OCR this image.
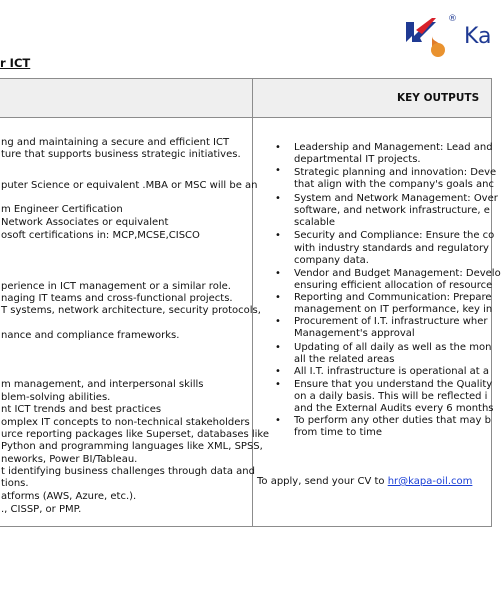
®
Ka
r ICT
KEY OUTPUTS
ng and maintaining a secure and efficient ICT
ture that supports business strategic initiatives.
puter Science or equivalent .MBA or MSC will be an
m Engineer Certification
Network Associates or equivalent
osoft certifications in: MCP,MCSE,CISCO
perience in ICT management or a similar role.
naging IT teams and cross-functional projects.
T systems, network architecture, security protocols,
nance and compliance frameworks.
m management, and interpersonal skills
blem-solving abilities.
nt ICT trends and best practices
omplex IT concepts to non-technical stakeholders
urce reporting packages like Superset, databases like
Python and programming languages like XML, SPSS,
neworks, Power BI/Tableau.
t identifying business challenges through data and
tions.
atforms (AWS, Azure, etc.).
., CISSP, or PMP.
•
•
•
•
•
•
•
•
•
•
•
Leadership and Management: Lead and
departmental IT projects.
Strategic planning and innovation: Deve
that align with the company's goals anc
System and Network Management: Over
software, and network infrastructure, e
scalable
Security and Compliance: Ensure the co
with industry standards and regulatory
company data.
Vendor and Budget Management: Develo
ensuring efficient allocation of resource
Reporting and Communication: Prepare
management on IT performance, key in
Procurement of I.T. infrastructure wher
Management's approval
Updating of all daily as well as the mon
all the related areas
All I.T. infrastructure is operational at a
Ensure that you understand the Quality
on a daily basis. This will be reflected i
and the External Audits every 6 months
To perform any other duties that may b
from time to time
To apply, send your CV to hr@kapa-oil.com
